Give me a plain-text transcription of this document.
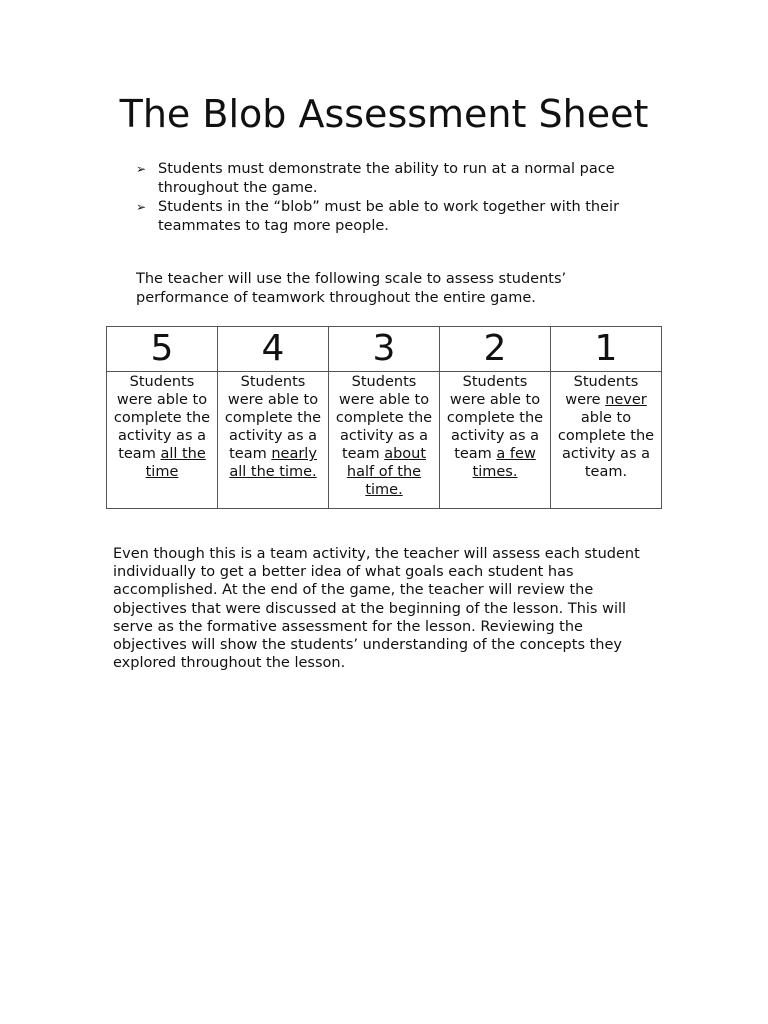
The Blob Assessment Sheet
➢ Students must demonstrate the ability to run at a normal pace throughout the game.
➢ Students in the “blob” must be able to work together with their teammates to tag more people.

The teacher will use the following scale to assess students’ performance of teamwork throughout the entire game.

5	4	3	2	1
Students were able to complete the activity as a team all the time	Students were able to complete the activity as a team nearly all the time.	Students were able to complete the activity as a team about half of the time.	Students were able to complete the activity as a team a few times.	Students were never able to complete the activity as a team.

Even though this is a team activity, the teacher will assess each student individually to get a better idea of what goals each student has accomplished. At the end of the game, the teacher will review the objectives that were discussed at the beginning of the lesson. This will serve as the formative assessment for the lesson. Reviewing the objectives will show the students’ understanding of the concepts they explored throughout the lesson.
